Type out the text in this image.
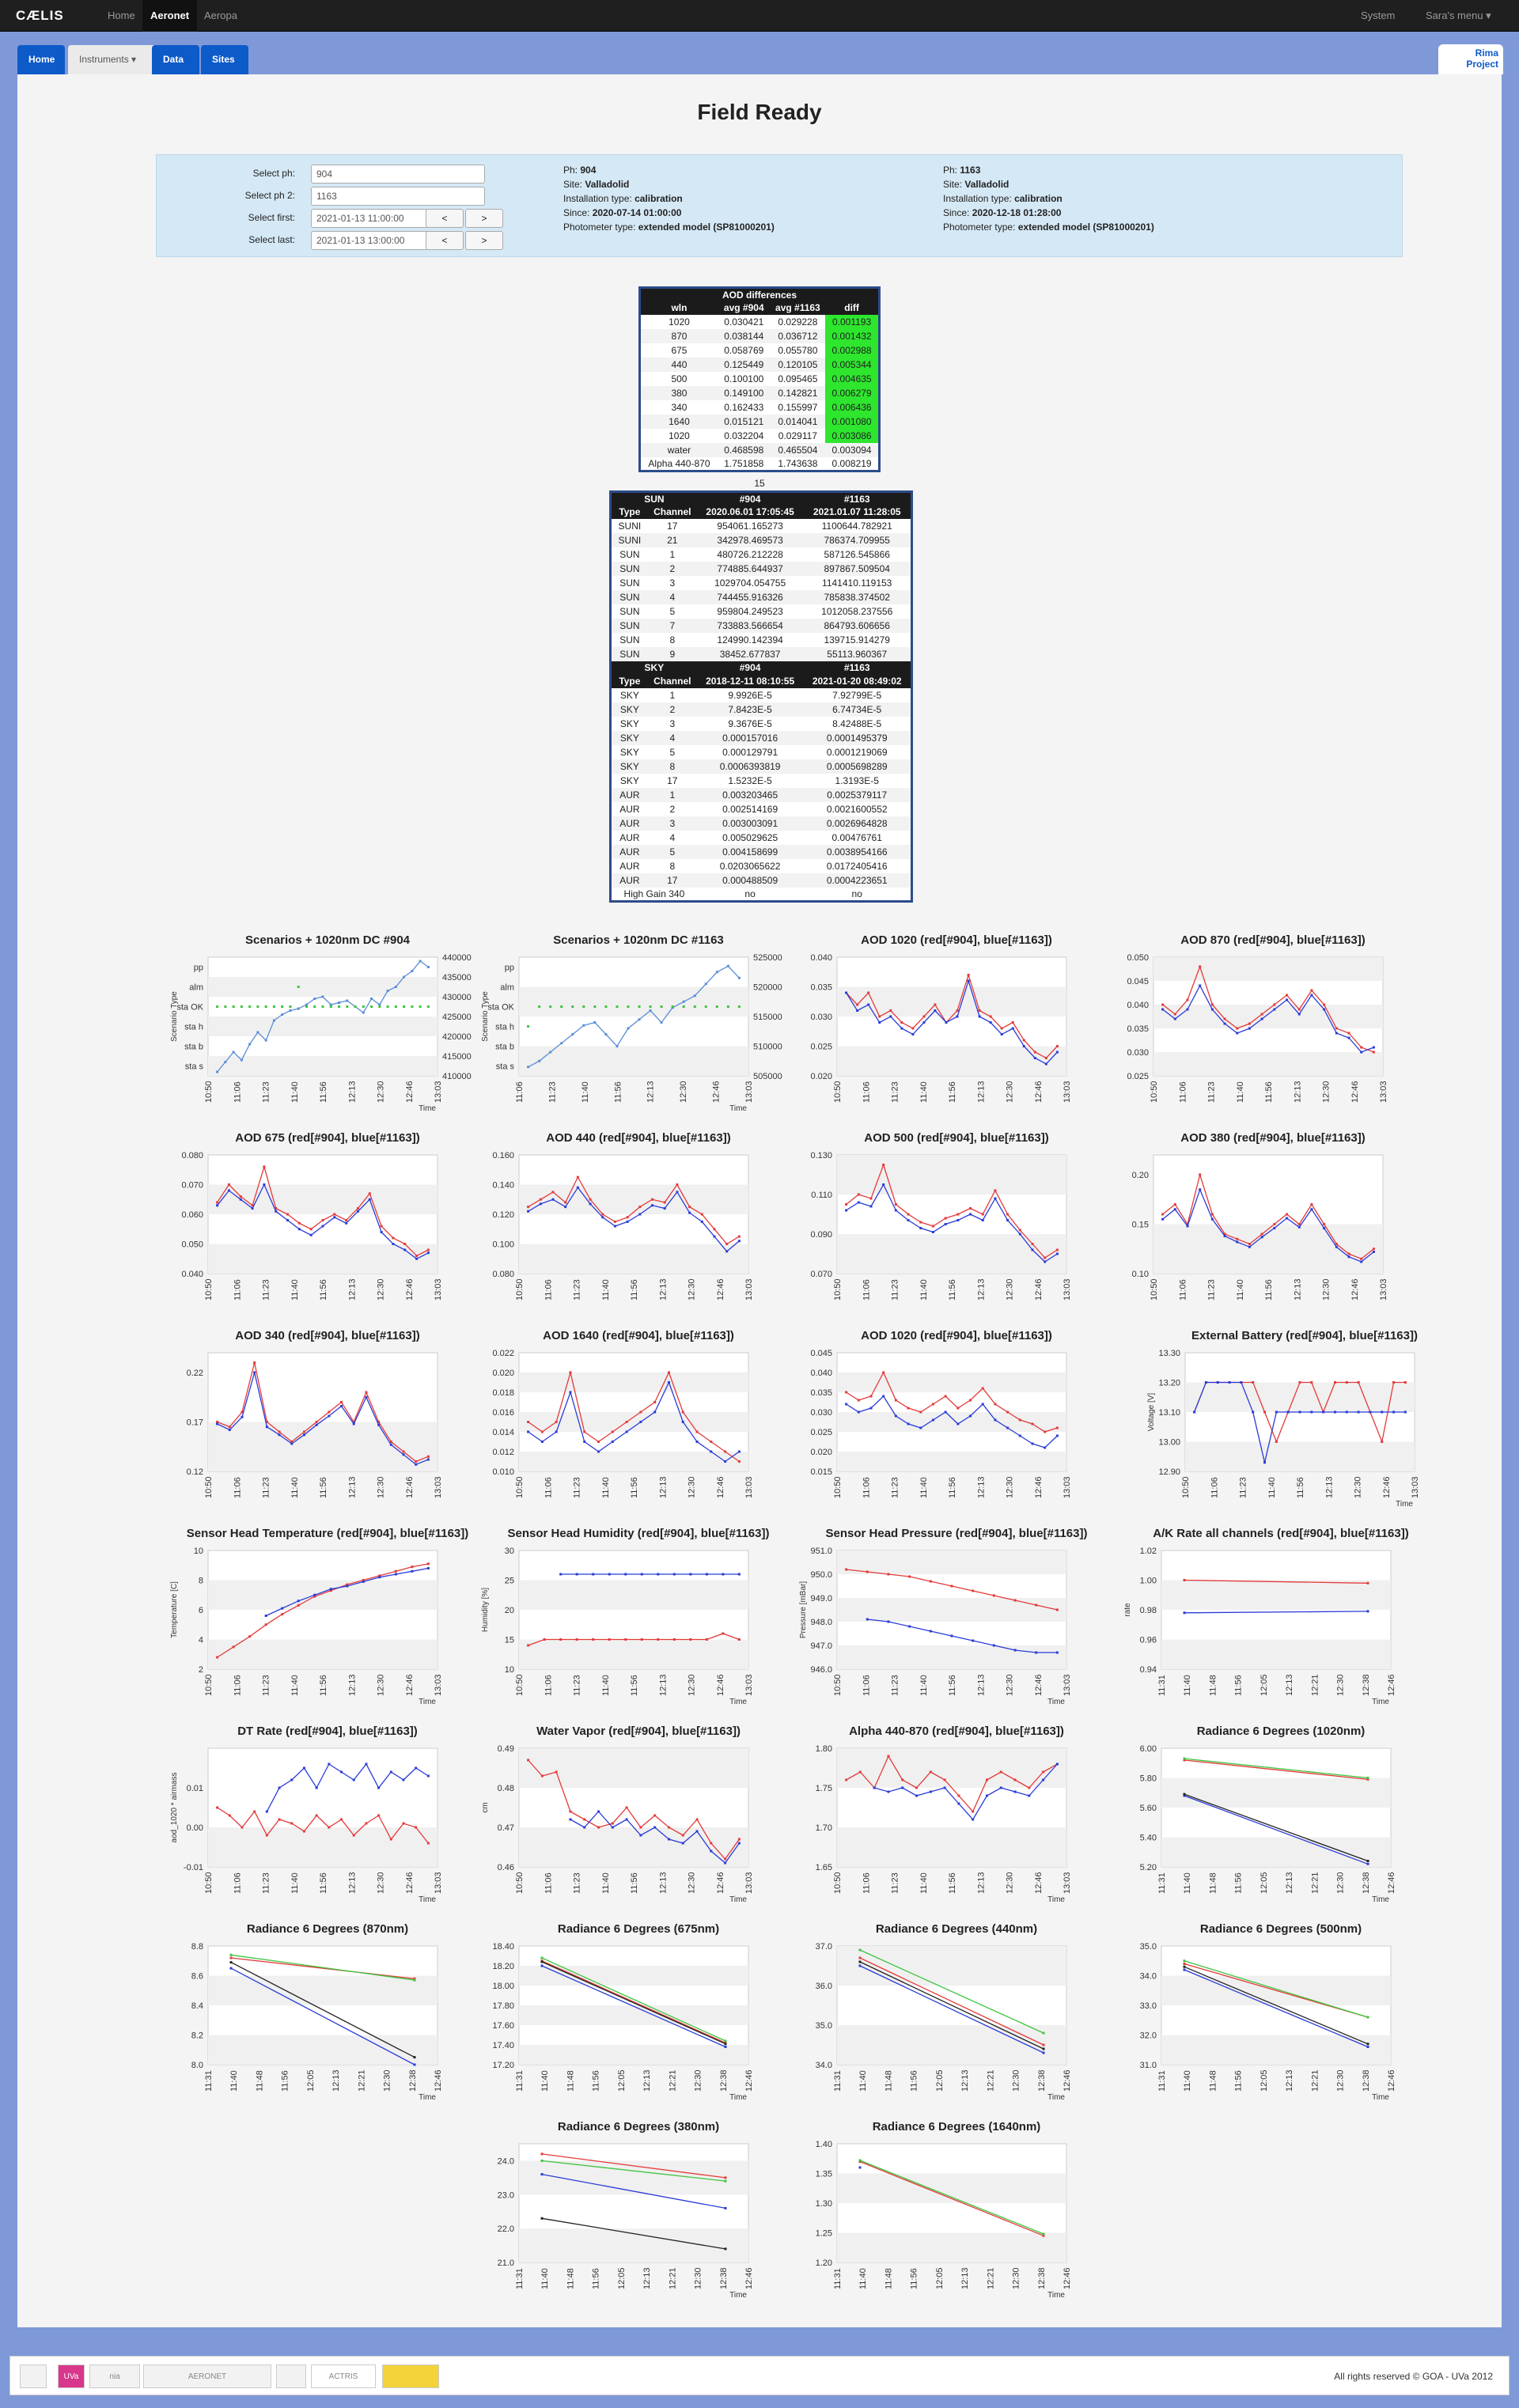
CÆLIS	Home	Aeronet	Aeropa	System	Sara's menu ▾
Home	Instruments ▾	Data	Sites
Rima Project
Field Ready
Select ph:	904
Select ph 2:	1163
Select first:	2021-01-13 11:00:00	<	>
Select last:	2021-01-13 13:00:00	<	>
Ph: 904
Site: Valladolid
Installation type: calibration
Since: 2020-07-14 01:00:00
Photometer type: extended model (SP81000201)
Ph: 1163
Site: Valladolid
Installation type: calibration
Since: 2020-12-18 01:28:00
Photometer type: extended model (SP81000201)
AOD differences			
wln	avg #904	avg #1163	diff
1020	0.030421	0.029228	0.001193
870	0.038144	0.036712	0.001432
675	0.058769	0.055780	0.002988
440	0.125449	0.120105	0.005344
500	0.100100	0.095465	0.004635
380	0.149100	0.142821	0.006279
340	0.162433	0.155997	0.006436
1640	0.015121	0.014041	0.001080
1020	0.032204	0.029117	0.003086
water	0.468598	0.465504	0.003094
Alpha 440-870	1.751858	1.743638	0.008219
15
SUN		#904	#1163
Type	Channel	2020.06.01 17:05:45	2021.01.07 11:28:05
SUNI	17	954061.165273	1100644.782921
SUNI	21	342978.469573	786374.709955
SUN	1	480726.212228	587126.545866
SUN	2	774885.644937	897867.509504
SUN	3	1029704.054755	1141410.119153
SUN	4	744455.916326	785838.374502
SUN	5	959804.249523	1012058.237556
SUN	7	733883.566654	864793.606656
SUN	8	124990.142394	139715.914279
SUN	9	38452.677837	55113.960367
SKY		#904	#1163
Type	Channel	2018-12-11 08:10:55	2021-01-20 08:49:02
SKY	1	9.9926E-5	7.92799E-5
SKY	2	7.8423E-5	6.74734E-5
SKY	3	9.3676E-5	8.42488E-5
SKY	4	0.000157016	0.0001495379
SKY	5	0.000129791	0.0001219069
SKY	8	0.0006393819	0.0005698289
SKY	17	1.5232E-5	1.3193E-5
AUR	1	0.003203465	0.0025379117
AUR	2	0.002514169	0.0021600552
AUR	3	0.003003091	0.0026964828
AUR	4	0.005029625	0.00476761
AUR	5	0.004158699	0.0038954166
AUR	8	0.0203065622	0.0172405416
AUR	17	0.000488509	0.0004223651
High Gain 340		no	no
Scenarios + 1020nm DC #904
410000
415000
420000
425000
430000
435000
440000
sta s
sta b
sta h
sta OK
alm
pp
10:50 11:06 11:23 11:40 11:56 12:13 12:30 12:46 13:03
Time
Scenario Type
Scenarios + 1020nm DC #1163
505000
510000
515000
520000
525000
sta s
sta b
sta h
sta OK
alm
pp
11:06	11:23	11:40	11:56	12:13	12:30	12:46	13:03
Time
Scenario Type
AOD 1020 (red[#904], blue[#1163])
0.020
0.025
0.030
0.035
0.040
10:50 11:06 11:23 11:40 11:56 12:13 12:30 12:46 13:03
AOD 870 (red[#904], blue[#1163])
0.025
0.030
0.035
0.040
0.045
0.050
10:50 11:06 11:23 11:40 11:56 12:13 12:30 12:46 13:03
AOD 675 (red[#904], blue[#1163])
0.040
0.050
0.060
0.070
0.080
10:50 11:06 11:23 11:40 11:56 12:13 12:30 12:46 13:03
AOD 440 (red[#904], blue[#1163])
0.080
0.100
0.120
0.140
0.160
10:50 11:06 11:23 11:40 11:56 12:13 12:30 12:46 13:03
AOD 500 (red[#904], blue[#1163])
0.070
0.090
0.110
0.130
10:50 11:06 11:23 11:40 11:56 12:13 12:30 12:46 13:03
AOD 380 (red[#904], blue[#1163])
0.10
0.15
0.20
10:50 11:06 11:23 11:40 11:56 12:13 12:30 12:46 13:03
AOD 340 (red[#904], blue[#1163])
0.12
0.17
0.22
10:50 11:06 11:23 11:40 11:56 12:13 12:30 12:46 13:03
AOD 1640 (red[#904], blue[#1163])
0.010
0.012
0.014
0.016
0.018
0.020
0.022
10:50 11:06 11:23 11:40 11:56 12:13 12:30 12:46 13:03
AOD 1020 (red[#904], blue[#1163])
0.015
0.020
0.025
0.030
0.035
0.040
0.045
10:50 11:06 11:23 11:40 11:56 12:13 12:30 12:46 13:03
External Battery (red[#904], blue[#1163])
12.90
13.00
13.10
13.20
13.30
10:50 11:06 11:23 11:40 11:56 12:13 12:30 12:46 13:03
Time
Voltage [V]
Sensor Head Temperature (red[#904], blue[#1163])
2
4
6
8
10
10:50 11:06 11:23 11:40 11:56 12:13 12:30 12:46 13:03
Time
Temperature [C]
Sensor Head Humidity (red[#904], blue[#1163])
10
15
20
25
30
10:50 11:06 11:23 11:40 11:56 12:13 12:30 12:46 13:03
Time
Humidity [%]
Sensor Head Pressure (red[#904], blue[#1163])
946.0
947.0
948.0
949.0
950.0
951.0
10:50 11:06 11:23 11:40 11:56 12:13 12:30 12:46 13:03
Time
Pressure [mBar]
A/K Rate all channels (red[#904], blue[#1163])
0.94
0.96
0.98
1.00
1.02
11:31 11:40 11:48 11:56 12:05 12:13 12:21 12:30 12:38 12:46
Time
rate
DT Rate (red[#904], blue[#1163])
-0.01
0.00
0.01
10:50 11:06 11:23 11:40 11:56 12:13 12:30 12:46 13:03
Time
aod_1020 * airmass
Water Vapor (red[#904], blue[#1163])
0.46
0.47
0.48
0.49
10:50 11:06 11:23 11:40 11:56 12:13 12:30 12:46 13:03
Time
cm
Alpha 440-870 (red[#904], blue[#1163])
1.65
1.70
1.75
1.80
10:50 11:06 11:23 11:40 11:56 12:13 12:30 12:46 13:03
Time
Radiance 6 Degrees (1020nm)
5.20
5.40
5.60
5.80
6.00
11:31 11:40 11:48 11:56 12:05 12:13 12:21 12:30 12:38 12:46
Time
Radiance 6 Degrees (870nm)
8.0
8.2
8.4
8.6
8.8
11:31 11:40 11:48 11:56 12:05 12:13 12:21 12:30 12:38 12:46
Time
Radiance 6 Degrees (675nm)
17.20
17.40
17.60
17.80
18.00
18.20
18.40
11:31 11:40 11:48 11:56 12:05 12:13 12:21 12:30 12:38 12:46
Time
Radiance 6 Degrees (440nm)
34.0
35.0
36.0
37.0
11:31 11:40 11:48 11:56 12:05 12:13 12:21 12:30 12:38 12:46
Time
Radiance 6 Degrees (500nm)
31.0
32.0
33.0
34.0
35.0
11:31 11:40 11:48 11:56 12:05 12:13 12:21 12:30 12:38 12:46
Time
Radiance 6 Degrees (380nm)
21.0
22.0
23.0
24.0
11:31 11:40 11:48 11:56 12:05 12:13 12:21 12:30 12:38 12:46
Time
Radiance 6 Degrees (1640nm)
1.20
1.25
1.30
1.35
1.40
11:31 11:40 11:48 11:56 12:05 12:13 12:21 12:30 12:38 12:46
Time
UVa	nia	AERONET	ACTRIS	All rights reserved © GOA - UVa 2012
